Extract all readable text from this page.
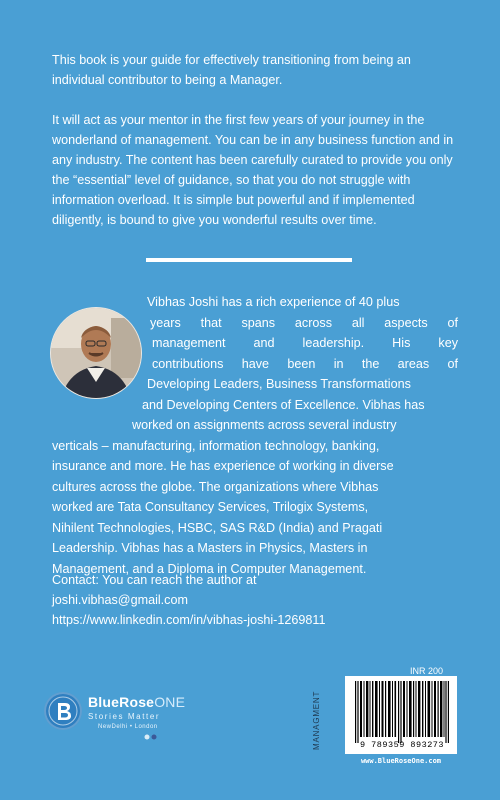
This book is your guide for effectively transitioning from being an individual contributor to being a Manager.

It will act as your mentor in the first few years of your journey in the wonderland of management. You can be in any business function and in any industry. The content has been carefully curated to provide you only the “essential” level of guidance, so that you do not struggle with information overload. It is simple but powerful and if implemented diligently, is bound to give you wonderful results over time.

Vibhas Joshi has a rich experience of 40 plus
years that spans across all aspects of
management and leadership. His key
contributions have been in the areas of
Developing Leaders, Business Transformations
and Developing Centers of Excellence. Vibhas has
worked on assignments across several industry
verticals – manufacturing, information technology, banking,
insurance and more. He has experience of working in diverse
cultures across the globe. The organizations where Vibhas
worked are Tata Consultancy Services, Trilogix Systems,
Nihilent Technologies, HSBC, SAS R&D (India) and Pragati
Leadership. Vibhas has a Masters in Physics, Masters in
Management, and a Diploma in Computer Management.
Contact: You can reach the author at
joshi.vibhas@gmail.com
https://www.linkedin.com/in/vibhas-joshi-1269811
BlueRoseONE
Stories Matter
NewDelhi • London
INR 200
MANAGMENT	9 789359 893273
www.BlueRoseOne.com
